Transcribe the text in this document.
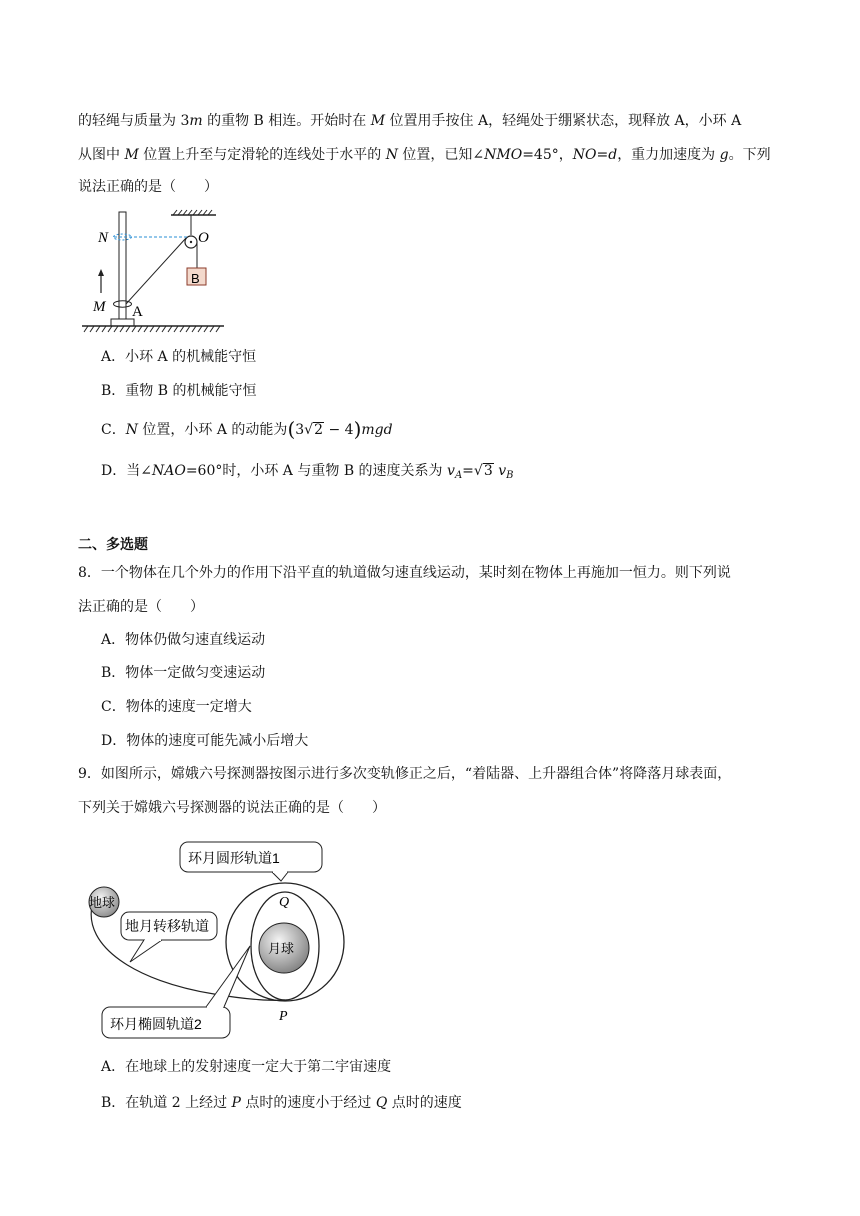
的轻绳与质量为 3m 的重物 B 相连。开始时在 M 位置用手按住 A，轻绳处于绷紧状态，现释放 A，小环 A
从图中 M 位置上升至与定滑轮的连线处于水平的 N 位置，已知∠NMO=45°，NO=d，重力加速度为 g。下列
说法正确的是（　　）
N	O
B
M A
A．小环 A 的机械能守恒
B．重物 B 的机械能守恒
C．N 位置，小环 A 的动能为(3√2 − 4)mgd
D．当∠NAO=60°时，小环 A 与重物 B 的速度关系为 $v_A=√3$ $v_B$
二、多选题
8．一个物体在几个外力的作用下沿平直的轨道做匀速直线运动，某时刻在物体上再施加一恒力。则下列说
法正确的是（　　）
A．物体仍做匀速直线运动
B．物体一定做匀变速运动
C．物体的速度一定增大
D．物体的速度可能先减小后增大
9．如图所示，嫦娥六号探测器按图示进行多次变轨修正之后，“着陆器、上升器组合体”将降落月球表面，
下列关于嫦娥六号探测器的说法正确的是（　　）
环月圆形轨道1
地球
地月转移轨道
Q
月球
环月椭圆轨道2	P
A．在地球上的发射速度一定大于第二宇宙速度
B．在轨道 2 上经过 P 点时的速度小于经过 Q 点时的速度
